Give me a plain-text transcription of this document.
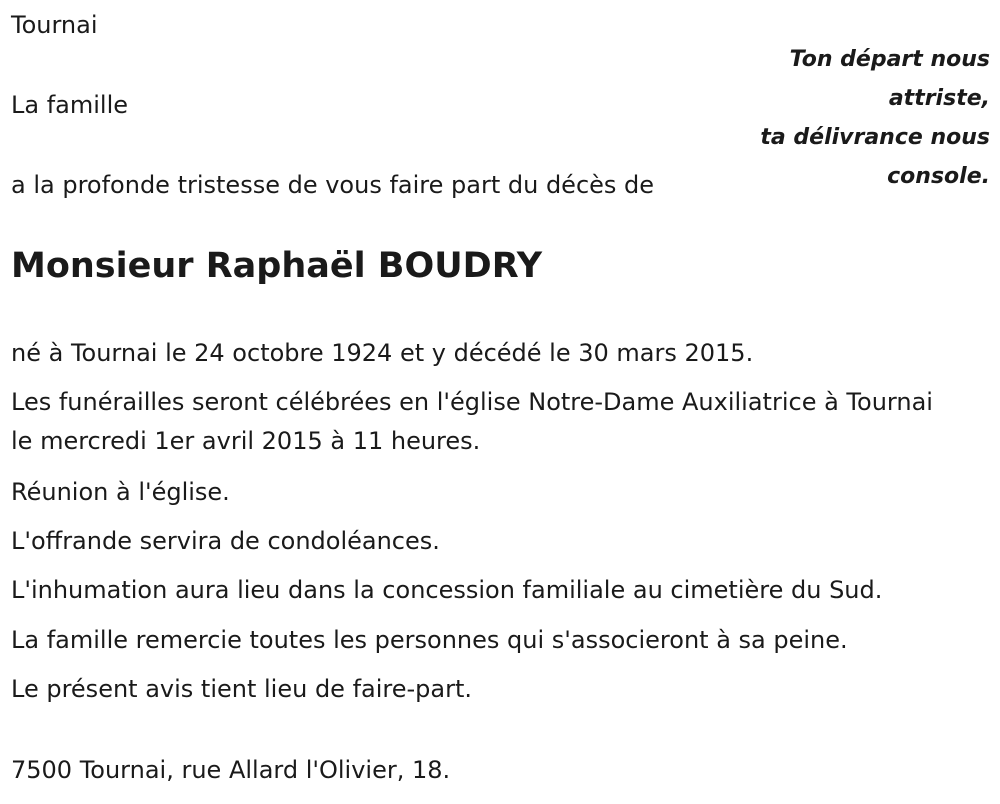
Tournai

La famille

a la profonde tristesse de vous faire part du décès de

Ton départ nous
attriste,
ta délivrance nous
console.
Monsieur Raphaël BOUDRY

né à Tournai le 24 octobre 1924 et y décédé le 30 mars 2015.

Les funérailles seront célébrées en l'église Notre-Dame Auxiliatrice à Tournai le mercredi 1er avril 2015 à 11 heures.

Réunion à l'église.

L'offrande servira de condoléances.

L'inhumation aura lieu dans la concession familiale au cimetière du Sud.

La famille remercie toutes les personnes qui s'associeront à sa peine.

Le présent avis tient lieu de faire-part.

7500 Tournai, rue Allard l'Olivier, 18.
